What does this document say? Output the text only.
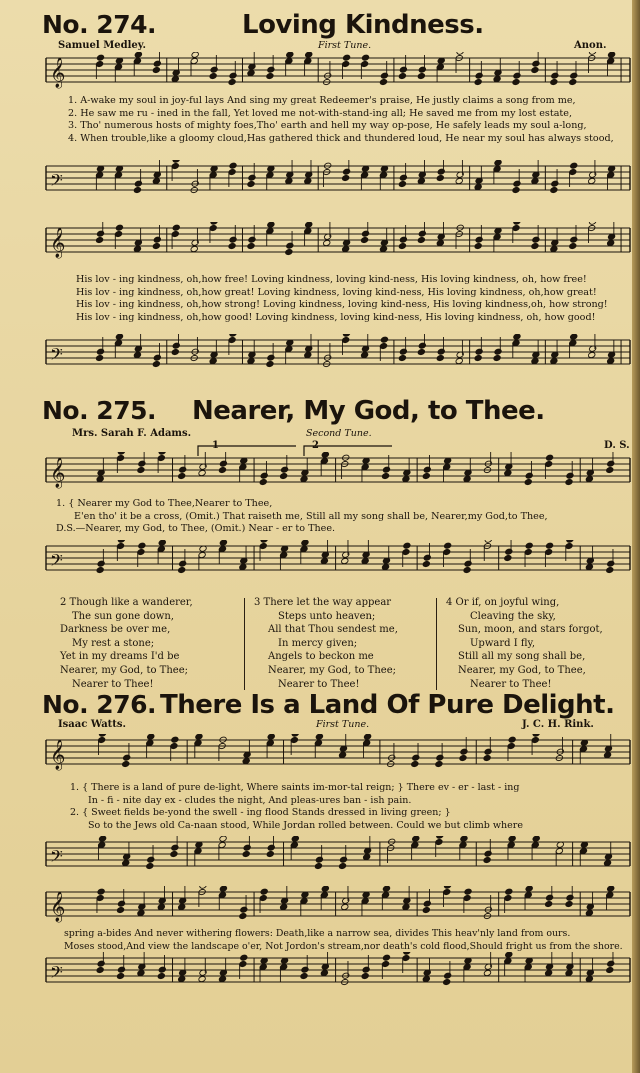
No. 274.	Loving Kindness.
Samuel Medley.	First Tune.	Anon.
𝄞
1. A-wake my soul in joy-ful lays And sing my great Redeemer's praise, He justly claims a song from me,
2. He saw me ru - ined in the fall, Yet loved me not-with-stand-ing all; He saved me from my lost estate,
3. Tho' numerous hosts of mighty foes,Tho' earth and hell my way op-pose, He safely leads my soul a-long,
4. When trouble,like a gloomy cloud,Has gathered thick and thundered loud, He near my soul has always stood,
𝄢
𝄞
His lov - ing kindness, oh,how free! Loving kindness, loving kind-ness, His loving kindness, oh, how free!
His lov - ing kindness, oh,how great! Loving kindness, loving kind-ness, His loving kindness, oh,how great!
His lov - ing kindness, oh,how strong! Loving kindness, loving kind-ness, His loving kindness,oh, how strong!
His lov - ing kindness, oh,how good! Loving kindness, loving kind-ness, His loving kindness, oh, how good!
𝄢
No. 275. Nearer, My God, to Thee.
Mrs. Sarah F. Adams.	Second Tune.
D. S.
1	2
𝄞
1. { Nearer my God to Thee,Nearer to Thee,
E'en tho' it be a cross, (Omit.) That raiseth me, Still all my song shall be, Nearer,my God,to Thee,
D.S.—Nearer, my God, to Thee, (Omit.) Near - er to Thee.
𝄢
2 Though like a wanderer,
The sun gone down,
Darkness be over me,
My rest a stone;
Yet in my dreams I'd be
Nearer, my God, to Thee;
Nearer to Thee!
3 There let the way appear
Steps unto heaven;
All that Thou sendest me,
In mercy given;
Angels to beckon me
Nearer, my God, to Thee;
Nearer to Thee!
4 Or if, on joyful wing,
Cleaving the sky,
Sun, moon, and stars forgot,
Upward I fly,
Still all my song shall be,
Nearer, my God, to Thee,
Nearer to Thee!
No. 276. There Is a Land Of Pure Delight.
Isaac Watts.	First Tune.	J. C. H. Rink.
𝄞
1. { There is a land of pure de-light, Where saints im-mor-tal reign; } There ev - er - last - ing
In - fi - nite day ex - cludes the night, And pleas-ures ban - ish pain.
2. { Sweet fields be-yond the swell - ing flood Stands dressed in living green; }
So to the Jews old Ca-naan stood, While Jordan rolled between. Could we but climb where
𝄢
𝄞
spring a-bides And never withering flowers: Death,like a narrow sea, divides This heav'nly land from ours.
Moses stood,And view the landscape o'er, Not Jordon's stream,nor death's cold flood,Should fright us from the shore.
𝄢
